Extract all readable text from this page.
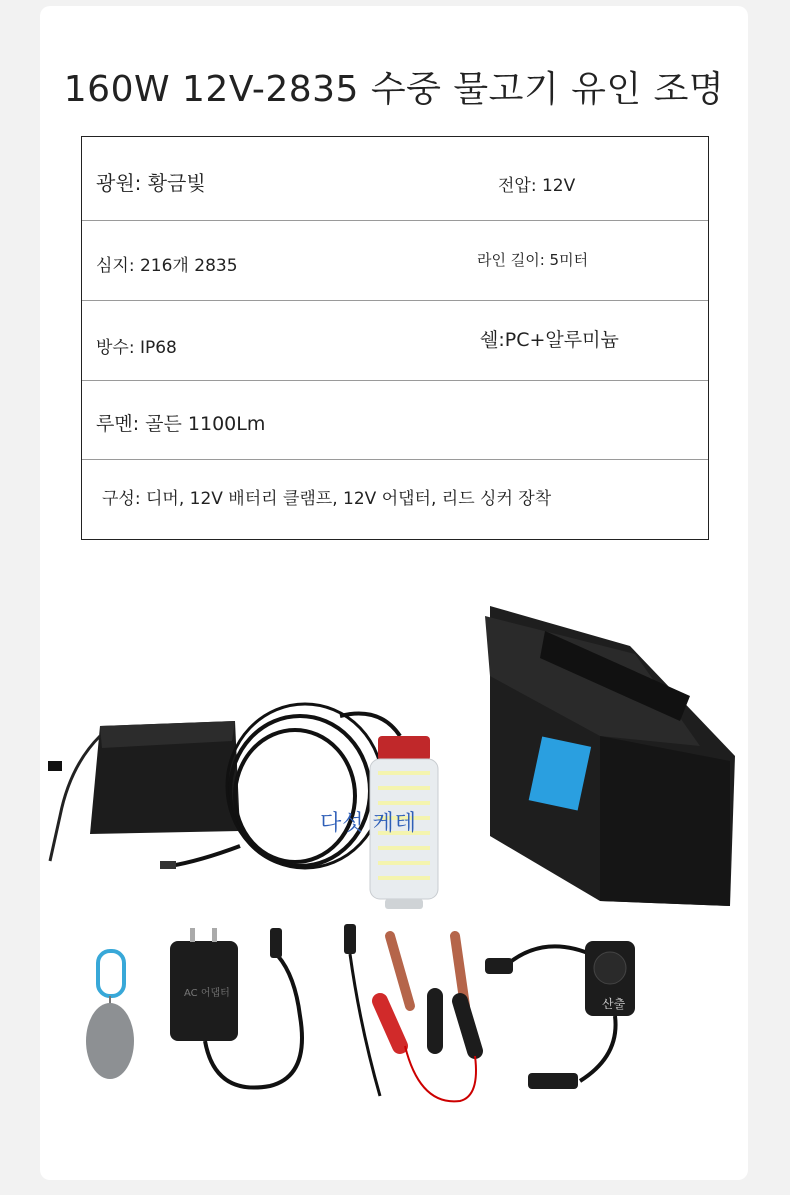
160W 12V-2835 수중 물고기 유인 조명
광원: 황금빛	전압: 12V
심지: 216개 2835	라인 길이: 5미터
방수: IP68	쉘:PC+알루미늄
루멘: 골든 1100Lm
구성: 디머, 12V 배터리 클램프, 12V 어댑터, 리드 싱커 장착
AC 어댑터
산출
다섯 케테
